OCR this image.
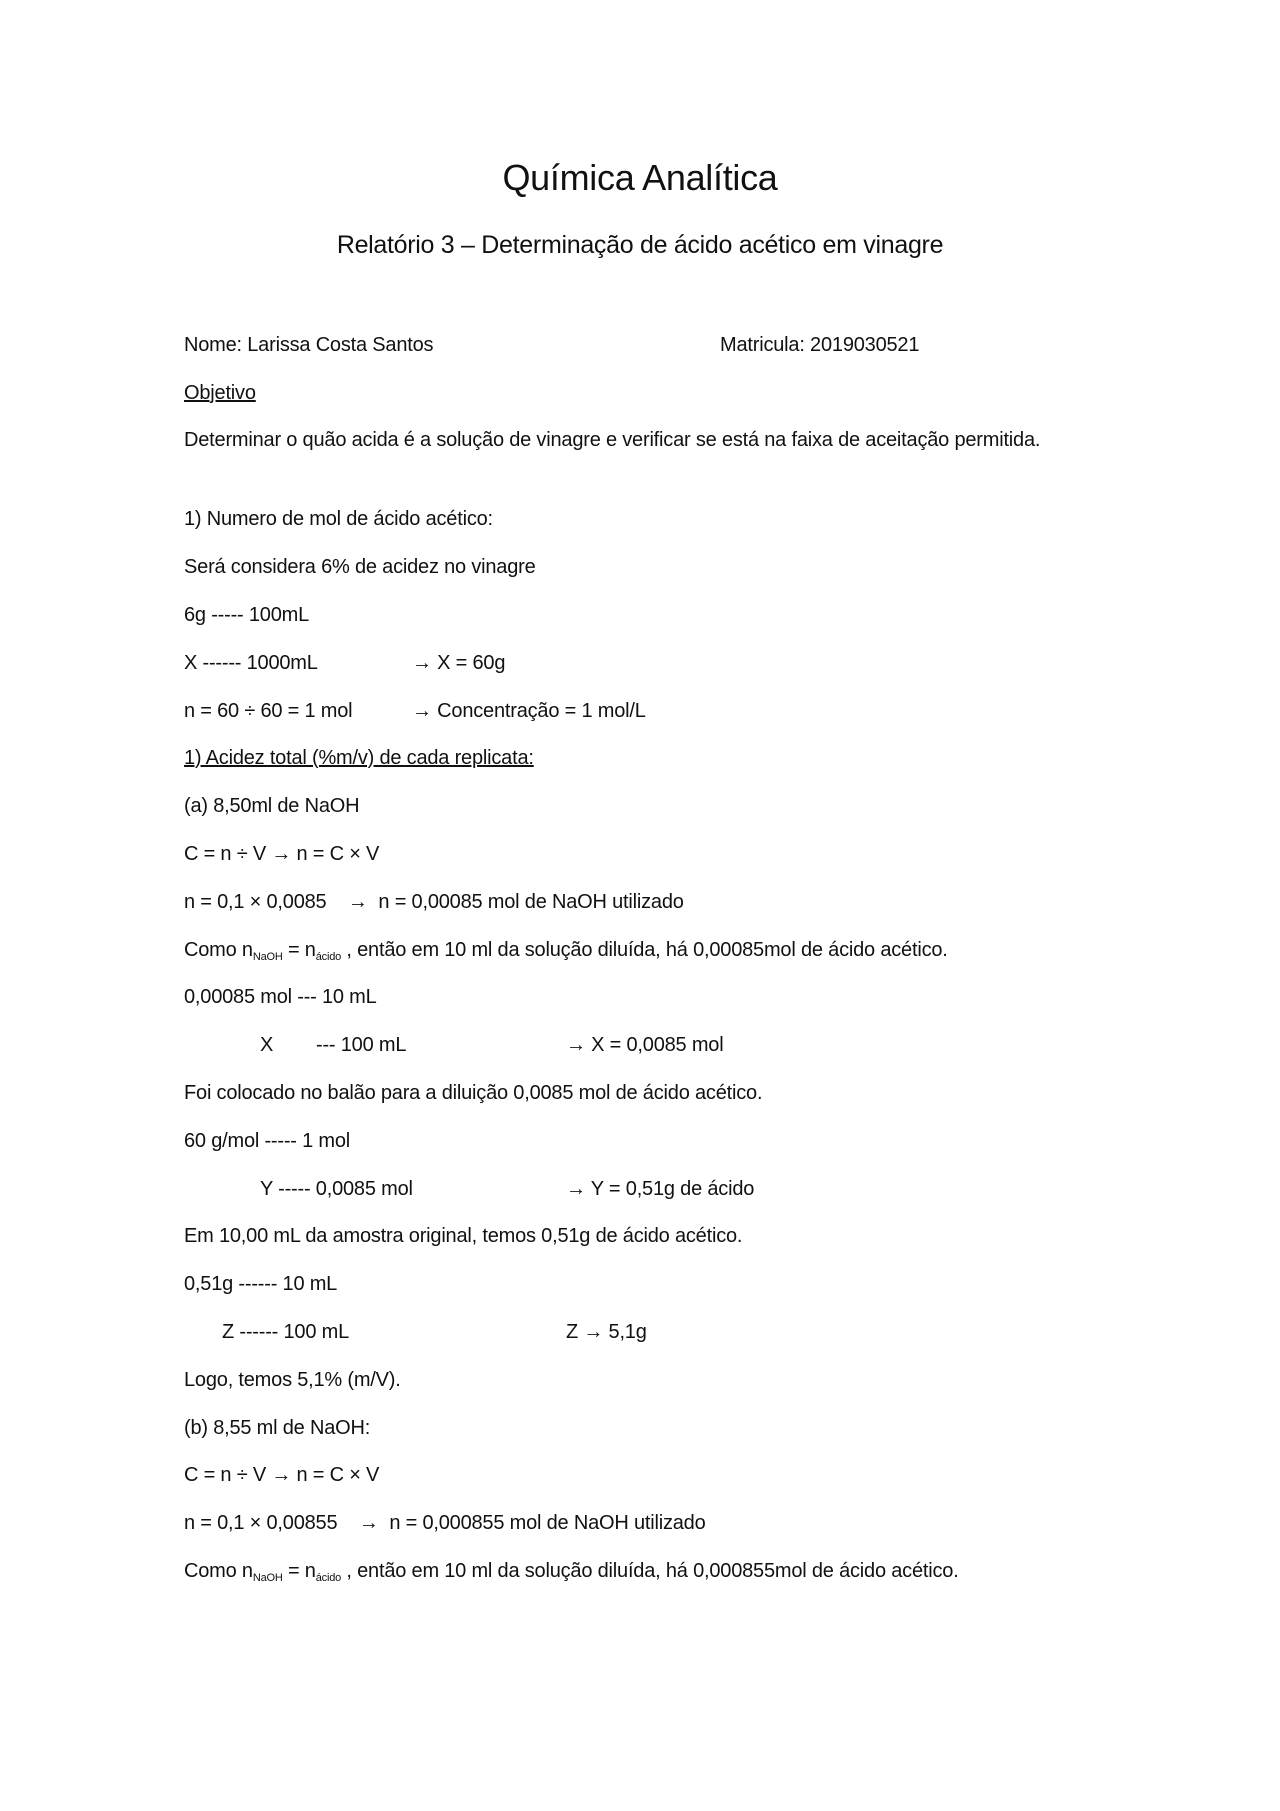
Química Analítica
Relatório 3 – Determinação de ácido acético em vinagre
Nome: Larissa Costa Santos	Matricula: 2019030521
Objetivo
Determinar o quão acida é a solução de vinagre e verificar se está na faixa de aceitação permitida.
1) Numero de mol de ácido acético:
Será considera 6% de acidez no vinagre
6g ----- 100mL
X ------ 1000mL	→ X = 60g
n = 60 ÷ 60 = 1 mol	→ Concentração = 1 mol/L
1) Acidez total (%m/v) de cada replicata:
(a) 8,50ml de NaOH
C = n ÷ V → n = C × V
n = 0,1 × 0,0085    →  n = 0,00085 mol de NaOH utilizado
Como $n_{NaOH} = n_{ácido}$ , então em 10 ml da solução diluída, há 0,00085mol de ácido acético.
0,00085 mol --- 10 mL
X        --- 100 mL	→ X = 0,0085 mol
Foi colocado no balão para a diluição 0,0085 mol de ácido acético.
60 g/mol ----- 1 mol
Y ----- 0,0085 mol	→ Y = 0,51g de ácido
Em 10,00 mL da amostra original, temos 0,51g de ácido acético.
0,51g ------ 10 mL
Z ------ 100 mL	Z → 5,1g
Logo, temos 5,1% (m/V).
(b) 8,55 ml de NaOH:
C = n ÷ V → n = C × V
n = 0,1 × 0,00855    →  n = 0,000855 mol de NaOH utilizado
Como $n_{NaOH} = n_{ácido}$ , então em 10 ml da solução diluída, há 0,000855mol de ácido acético.
